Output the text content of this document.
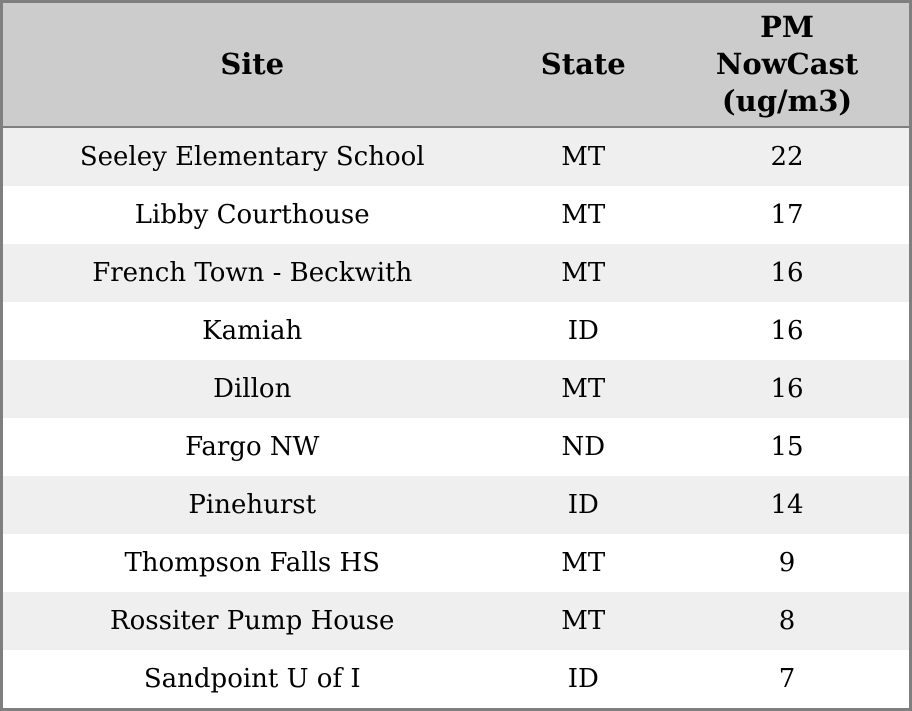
Site	State	PM NowCast (ug/m3)
Seeley Elementary School	MT	22
Libby Courthouse	MT	17
French Town - Beckwith	MT	16
Kamiah	ID	16
Dillon	MT	16
Fargo NW	ND	15
Pinehurst	ID	14
Thompson Falls HS	MT	9
Rossiter Pump House	MT	8
Sandpoint U of I	ID	7
